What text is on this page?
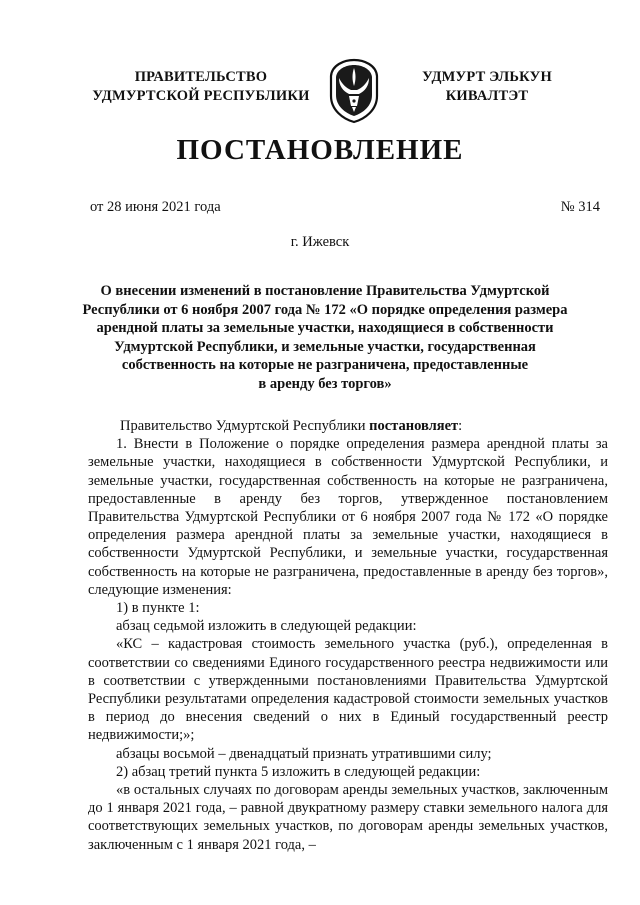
ПРАВИТЕЛЬСТВО
УДМУРТСКОЙ РЕСПУБЛИКИ
УДМУРТ ЭЛЬКУН
КИВАЛТЭТ
ПОСТАНОВЛЕНИЕ
от 28 июня 2021 года	№ 314
г. Ижевск
О внесении изменений в постановление Правительства Удмуртской
Республики от 6 ноября 2007 года № 172 «О порядке определения размера
арендной платы за земельные участки, находящиеся в собственности
Удмуртской Республики, и земельные участки, государственная
собственность на которые не разграничена, предоставленные
в аренду без торгов»

Правительство Удмуртской Республики постановляет:

1. Внести в Положение о порядке определения размера арендной платы за земельные участки, находящиеся в собственности Удмуртской Республики, и земельные участки, государственная собственность на которые не разграничена, предоставленные в аренду без торгов, утвержденное постановлением Правительства Удмуртской Республики от 6 ноября 2007 года № 172 «О порядке определения размера арендной платы за земельные участки, находящиеся в собственности Удмуртской Республики, и земельные участки, государственная собственность на которые не разграничена, предоставленные в аренду без торгов», следующие изменения:

1) в пункте 1:

абзац седьмой изложить в следующей редакции:

«КС – кадастровая стоимость земельного участка (руб.), определенная в соответствии со сведениями Единого государственного реестра недвижимости или в соответствии с утвержденными постановлениями Правительства Удмуртской Республики результатами определения кадастровой стоимости земельных участков в период до внесения сведений о них в Единый государственный реестр недвижимости;»;

абзацы восьмой – двенадцатый признать утратившими силу;

2) абзац третий пункта 5 изложить в следующей редакции:

«в остальных случаях по договорам аренды земельных участков, заключенным до 1 января 2021 года, – равной двукратному размеру ставки земельного налога для соответствующих земельных участков, по договорам аренды земельных участков, заключенным с 1 января 2021 года, –
